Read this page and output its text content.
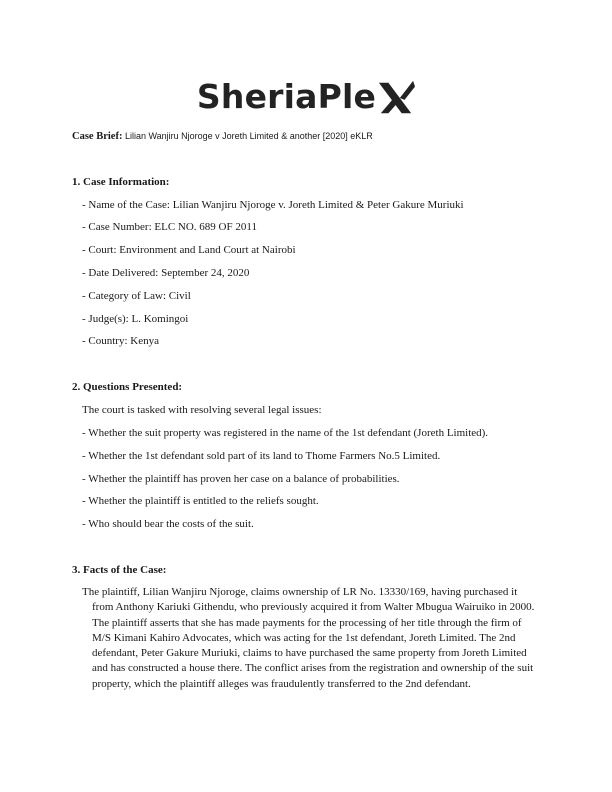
SheriaPle
Case Brief: Lilian Wanjiru Njoroge v Joreth Limited & another [2020] eKLR
1. Case Information:
- Name of the Case: Lilian Wanjiru Njoroge v. Joreth Limited & Peter Gakure Muriuki
- Case Number: ELC NO. 689 OF 2011
- Court: Environment and Land Court at Nairobi
- Date Delivered: September 24, 2020
- Category of Law: Civil
- Judge(s): L. Komingoi
- Country: Kenya
2. Questions Presented:
The court is tasked with resolving several legal issues:
- Whether the suit property was registered in the name of the 1st defendant (Joreth Limited).
- Whether the 1st defendant sold part of its land to Thome Farmers No.5 Limited.
- Whether the plaintiff has proven her case on a balance of probabilities.
- Whether the plaintiff is entitled to the reliefs sought.
- Who should bear the costs of the suit.
3. Facts of the Case:
The plaintiff, Lilian Wanjiru Njoroge, claims ownership of LR No. 13330/169, having purchased it from Anthony Kariuki Githendu, who previously acquired it from Walter Mbugua Wairuiko in 2000. The plaintiff asserts that she has made payments for the processing of her title through the firm of M/S Kimani Kahiro Advocates, which was acting for the 1st defendant, Joreth Limited. The 2nd defendant, Peter Gakure Muriuki, claims to have purchased the same property from Joreth Limited and has constructed a house there. The conflict arises from the registration and ownership of the suit property, which the plaintiff alleges was fraudulently transferred to the 2nd defendant.
